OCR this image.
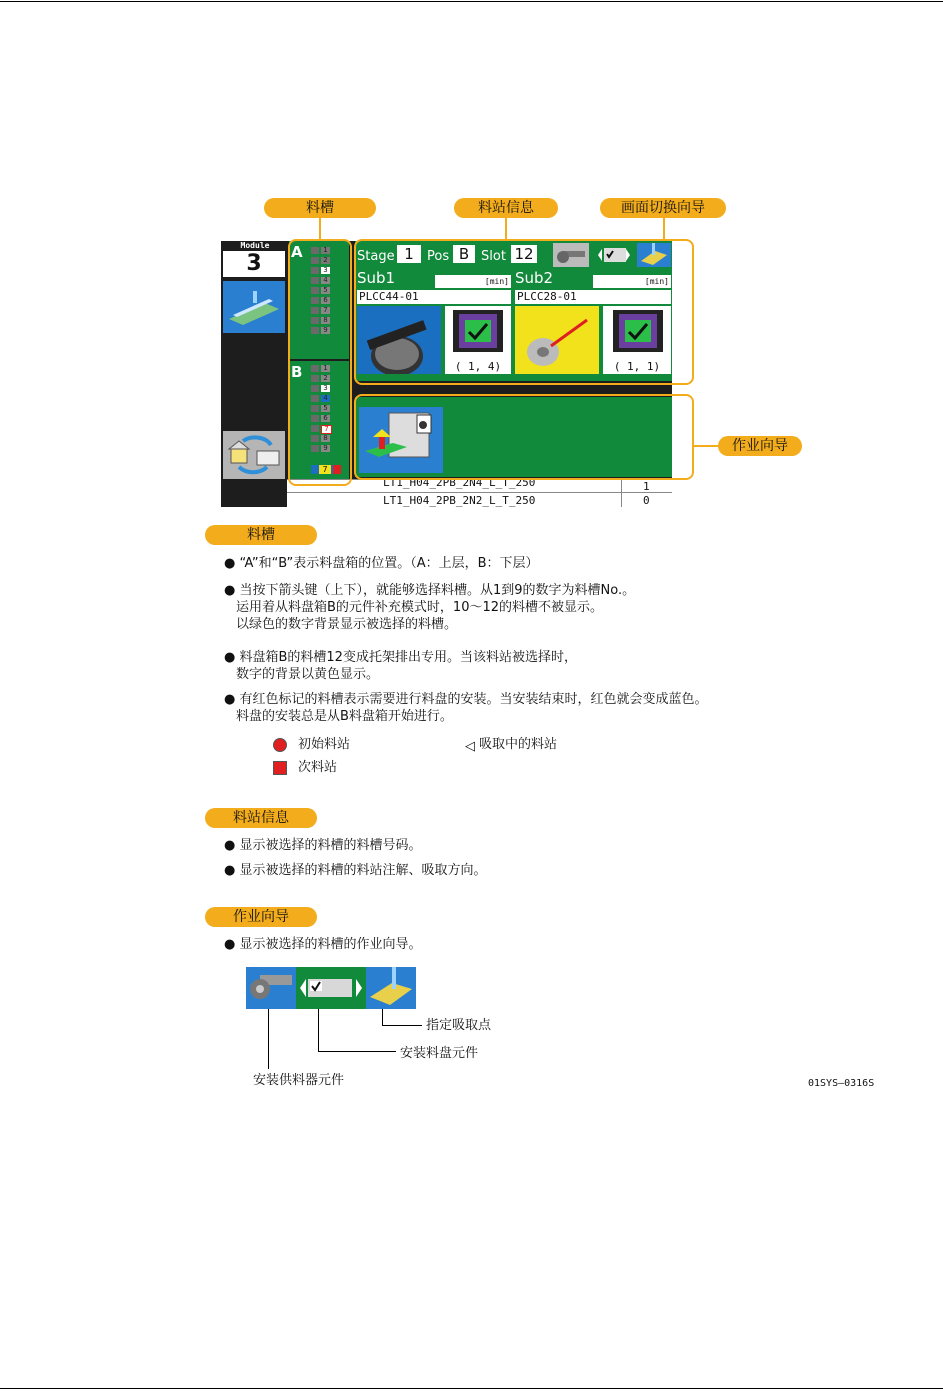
料槽	料站信息	画面切换向导
Module
3	A	1
2
3
4
5
6
7
8
9
B	1
2
3
4
5
6
7
8
9
7
Stage 1	Pos B Slot 12
Sub1	[min] Sub2	[min]
PLCC44-01	PLCC28-01
( 1, 4)	( 1, 1)
LT1_H04_2PB_2N4_L_T_250	1
LT1_H04_2PB_2N2_L_T_250	0
作业向导
料槽

● “A”和“B”表示料盘箱的位置。（A：上层，B：下层）

● 当按下箭头键（上下），就能够选择料槽。从1到9的数字为料槽No.。

运用着从料盘箱B的元件补充模式时，10～12的料槽不被显示。

以绿色的数字背景显示被选择的料槽。

● 料盘箱B的料槽12变成托架排出专用。当该料站被选择时，

数字的背景以黄色显示。

● 有红色标记的料槽表示需要进行料盘的安装。当安装结束时，红色就会变成蓝色。

料盘的安装总是从B料盘箱开始进行。

初始料站	◁ 吸取中的料站
次料站
料站信息
● 显示被选择的料槽的料槽号码。
● 显示被选择的料槽的料站注解、吸取方向。
作业向导
● 显示被选择的料槽的作业向导。
指定吸取点
安装料盘元件
安装供料器元件	01SYS—0316S
